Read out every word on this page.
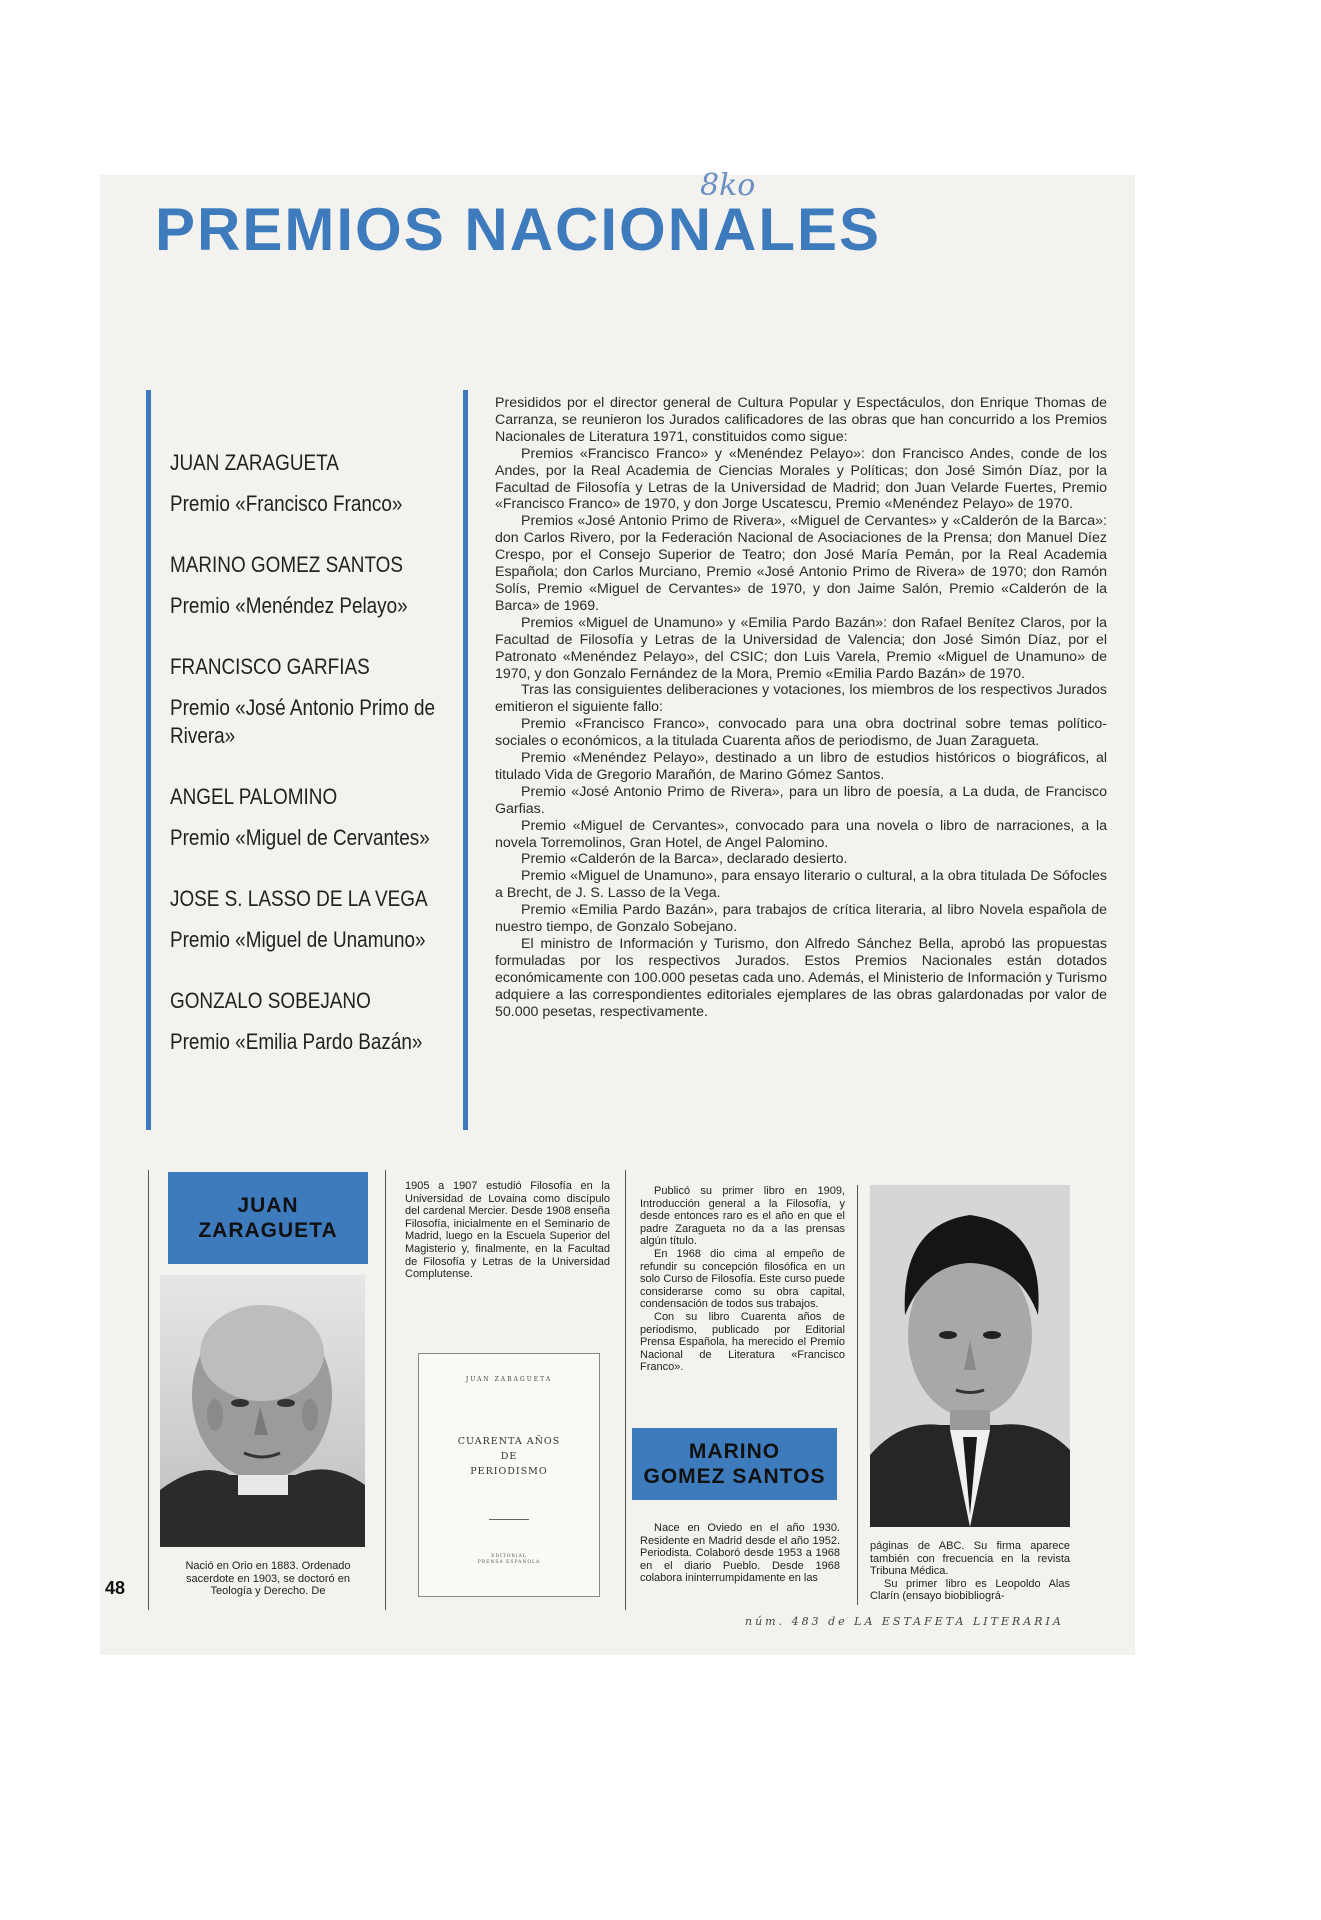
PREMIOS NACIONALES
8ko

JUAN ZARAGUETA

Premio «Francisco Franco»

MARINO GOMEZ SANTOS

Premio «Menéndez Pelayo»

FRANCISCO GARFIAS

Premio «José Antonio Primo de Rivera»

ANGEL PALOMINO

Premio «Miguel de Cervantes»

JOSE S. LASSO DE LA VEGA

Premio «Miguel de Unamuno»

GONZALO SOBEJANO

Premio «Emilia Pardo Bazán»

Presididos por el director general de Cultura Popular y Espectáculos, don Enrique Thomas de Carranza, se reunieron los Jurados calificadores de las obras que han concurrido a los Premios Nacionales de Literatura 1971, constituidos como sigue:

Premios «Francisco Franco» y «Menéndez Pelayo»: don Francisco Andes, conde de los Andes, por la Real Academia de Ciencias Morales y Políticas; don José Simón Díaz, por la Facultad de Filosofía y Letras de la Universidad de Madrid; don Juan Velarde Fuertes, Premio «Francisco Franco» de 1970, y don Jorge Uscatescu, Premio «Menéndez Pelayo» de 1970.

Premios «José Antonio Primo de Rivera», «Miguel de Cervantes» y «Calderón de la Barca»: don Carlos Rivero, por la Federación Nacional de Asociaciones de la Prensa; don Manuel Díez Crespo, por el Consejo Superior de Teatro; don José María Pemán, por la Real Academia Española; don Carlos Murciano, Premio «José Antonio Primo de Rivera» de 1970; don Ramón Solís, Premio «Miguel de Cervantes» de 1970, y don Jaime Salón, Premio «Calderón de la Barca» de 1969.

Premios «Miguel de Unamuno» y «Emilia Pardo Bazán»: don Rafael Benítez Claros, por la Facultad de Filosofía y Letras de la Universidad de Valencia; don José Simón Díaz, por el Patronato «Menéndez Pelayo», del CSIC; don Luis Varela, Premio «Miguel de Unamuno» de 1970, y don Gonzalo Fernández de la Mora, Premio «Emilia Pardo Bazán» de 1970.

Tras las consiguientes deliberaciones y votaciones, los miembros de los respectivos Jurados emitieron el siguiente fallo:

Premio «Francisco Franco», convocado para una obra doctrinal sobre temas político-sociales o económicos, a la titulada Cuarenta años de periodismo, de Juan Zaragueta.

Premio «Menéndez Pelayo», destinado a un libro de estudios históricos o biográficos, al titulado Vida de Gregorio Marañón, de Marino Gómez Santos.

Premio «José Antonio Primo de Rivera», para un libro de poesía, a La duda, de Francisco Garfias.

Premio «Miguel de Cervantes», convocado para una novela o libro de narraciones, a la novela Torremolinos, Gran Hotel, de Angel Palomino.

Premio «Calderón de la Barca», declarado desierto.

Premio «Miguel de Unamuno», para ensayo literario o cultural, a la obra titulada De Sófocles a Brecht, de J. S. Lasso de la Vega.

Premio «Emilia Pardo Bazán», para trabajos de crítica literaria, al libro Novela española de nuestro tiempo, de Gonzalo Sobejano.

El ministro de Información y Turismo, don Alfredo Sánchez Bella, aprobó las propuestas formuladas por los respectivos Jurados. Estos Premios Nacionales están dotados económicamente con 100.000 pesetas cada uno. Además, el Ministerio de Información y Turismo adquiere a las correspondientes editoriales ejemplares de las obras galardonadas por valor de 50.000 pesetas, respectivamente.

JUAN
ZARAGUETA
48

Nació en Orio en 1883. Ordenado sacerdote en 1903, se doctoró en Teología y Derecho. De

1905 a 1907 estudió Filosofía en la Universidad de Lovaina como discípulo del cardenal Mercier. Desde 1908 enseña Filosofía, inicialmente en el Seminario de Madrid, luego en la Escuela Superior del Magisterio y, finalmente, en la Facultad de Filosofía y Letras de la Universidad Complutense.

JUAN ZARAGUETA
CUARENTA AÑOS
DE
PERIODISMO
EDITORIAL
PRENSA ESPAÑOLA

Publicó su primer libro en 1909, Introducción general a la Filosofía, y desde entonces raro es el año en que el padre Zaragueta no da a las prensas algún título.

En 1968 dio cima al empeño de refundir su concepción filosófica en un solo Curso de Filosofía. Este curso puede considerarse como su obra capital, condensación de todos sus trabajos.

Con su libro Cuarenta años de periodismo, publicado por Editorial Prensa Española, ha merecido el Premio Nacional de Literatura «Francisco Franco».

MARINO
GOMEZ SANTOS

Nace en Oviedo en el año 1930. Residente en Madrid desde el año 1952. Periodista. Colaboró desde 1953 a 1968 en el diario Pueblo. Desde 1968 colabora ininterrumpidamente en las

páginas de ABC. Su firma aparece también con frecuencia en la revista Tribuna Médica.

Su primer libro es Leopoldo Alas Clarín (ensayo biobibliográ-

núm. 483 de LA ESTAFETA LITERARIA
